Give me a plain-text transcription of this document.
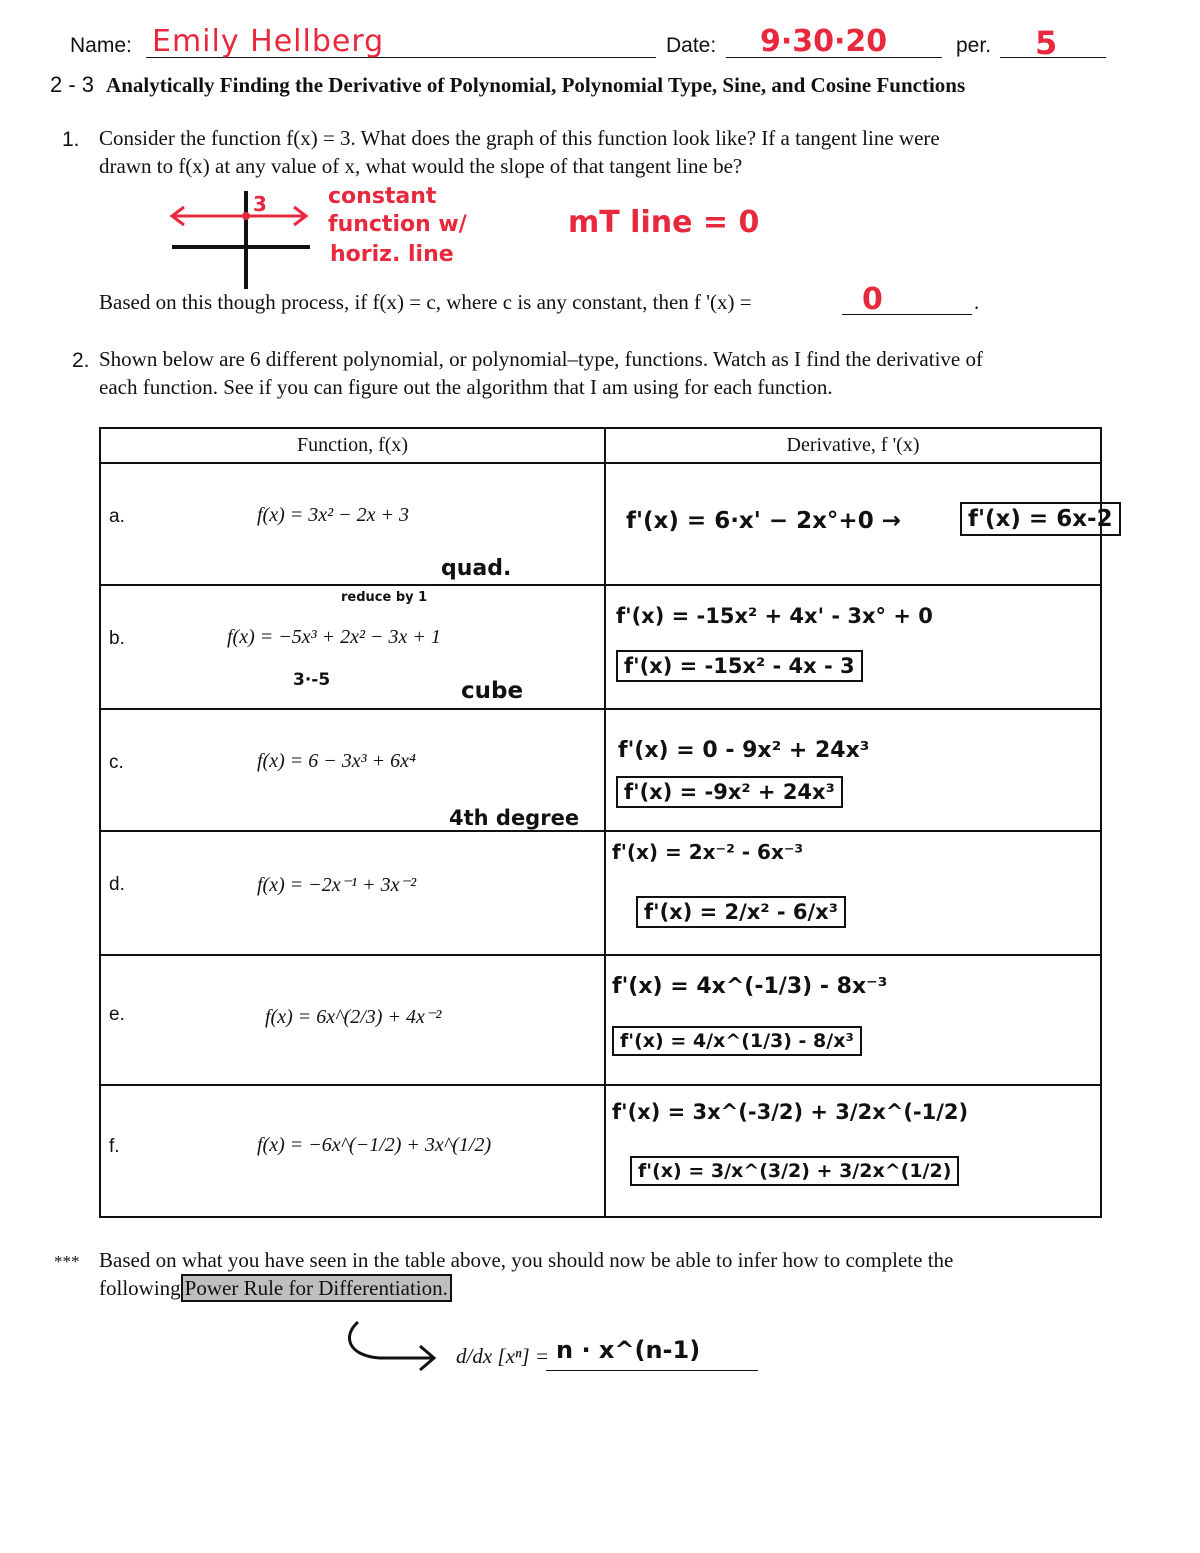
Name: Emily Hellberg	Date: 9·30·20	per. 5
2 - 3 Analytically Finding the Derivative of Polynomial, Polynomial Type, Sine, and Cosine Functions
1. Consider the function f(x) = 3. What does the graph of this function look like? If a tangent line were
drawn to f(x) at any value of x, what would the slope of that tangent line be?
3	constant
function w/
horiz. line
mT line = 0
Based on this though process, if f(x) = c, where c is any constant, then f '(x) =	0	.
2. Shown below are 6 different polynomial, or polynomial–type, functions. Watch as I find the derivative of
each function. See if you can figure out the algorithm that I am using for each function.
Function, f(x)	Derivative, f '(x)

a. f(x) = 3x² − 2x + 3
quad.	f'(x) = 6·x' − 2x°+0 → f'(x) = 6x-2

b. f(x) = −5x³ + 2x² − 3x + 1
reduce by 1
3·-5 cube	f'(x) = -15x² + 4x' - 3x° + 0
f'(x) = -15x² - 4x - 3

c. f(x) = 6 − 3x³ + 6x⁴
4th degree	f'(x) = 0 - 9x² + 24x³
f'(x) = -9x² + 24x³

d. f(x) = −2x⁻¹ + 3x⁻²	f'(x) = 2x⁻² - 6x⁻³
f'(x) = 2/x² - 6/x³

e. f(x) = 6x^(2/3) + 4x⁻²	f'(x) = 4x^(-1/3) - 8x⁻³
f'(x) = 4/x^(1/3) - 8/x³

f. f(x) = −6x^(−1/2) + 3x^(1/2)	f'(x) = 3x^(-3/2) + 3/2x^(-1/2)
f'(x) = 3/x^(3/2) + 3/2x^(1/2)
*** Based on what you have seen in the table above, you should now be able to infer how to complete the
following Power Rule for Differentiation.
d/dx [xⁿ] = n · x^(n-1)
